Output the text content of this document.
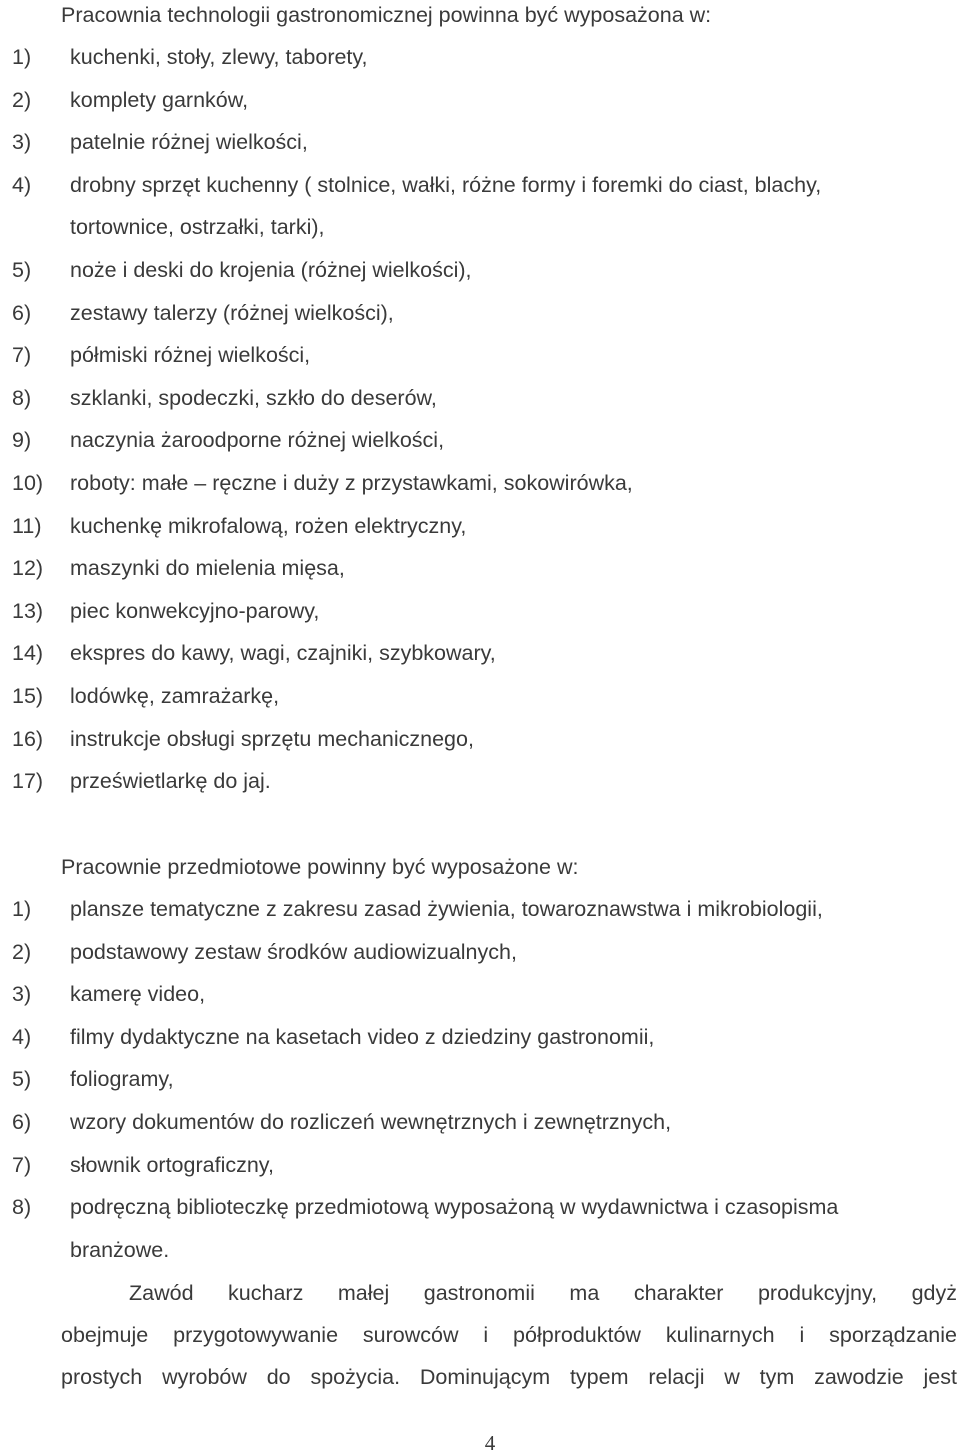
Pracownia technologii gastronomicznej powinna być wyposażona w:
1) kuchenki, stoły, zlewy, taborety,
2) komplety garnków,
3) patelnie różnej wielkości,
4) drobny sprzęt kuchenny ( stolnice, wałki, różne formy i foremki do ciast, blachy,
tortownice, ostrzałki, tarki),
5) noże i deski do krojenia (różnej wielkości),
6) zestawy talerzy (różnej wielkości),
7) półmiski różnej wielkości,
8) szklanki, spodeczki, szkło do deserów,
9) naczynia żaroodporne różnej wielkości,
10) roboty: małe – ręczne i duży z przystawkami, sokowirówka,
11) kuchenkę mikrofalową, rożen elektryczny,
12) maszynki do mielenia mięsa,
13) piec konwekcyjno-parowy,
14) ekspres do kawy, wagi, czajniki, szybkowary,
15) lodówkę, zamrażarkę,
16) instrukcje obsługi sprzętu mechanicznego,
17) prześwietlarkę do jaj.
Pracownie przedmiotowe powinny być wyposażone w:
1) plansze tematyczne z zakresu zasad żywienia, towaroznawstwa i mikrobiologii,
2) podstawowy zestaw środków audiowizualnych,
3) kamerę video,
4) filmy dydaktyczne na kasetach video z dziedziny gastronomii,
5) foliogramy,
6) wzory dokumentów do rozliczeń wewnętrznych i zewnętrznych,
7) słownik ortograficzny,
8) podręczną biblioteczkę przedmiotową wyposażoną w wydawnictwa i czasopisma
branżowe.
Zawód kucharz małej gastronomii ma charakter produkcyjny, gdyż
obejmuje przygotowywanie surowców i półproduktów kulinarnych i sporządzanie
prostych wyrobów do spożycia. Dominującym typem relacji w tym zawodzie jest
4
